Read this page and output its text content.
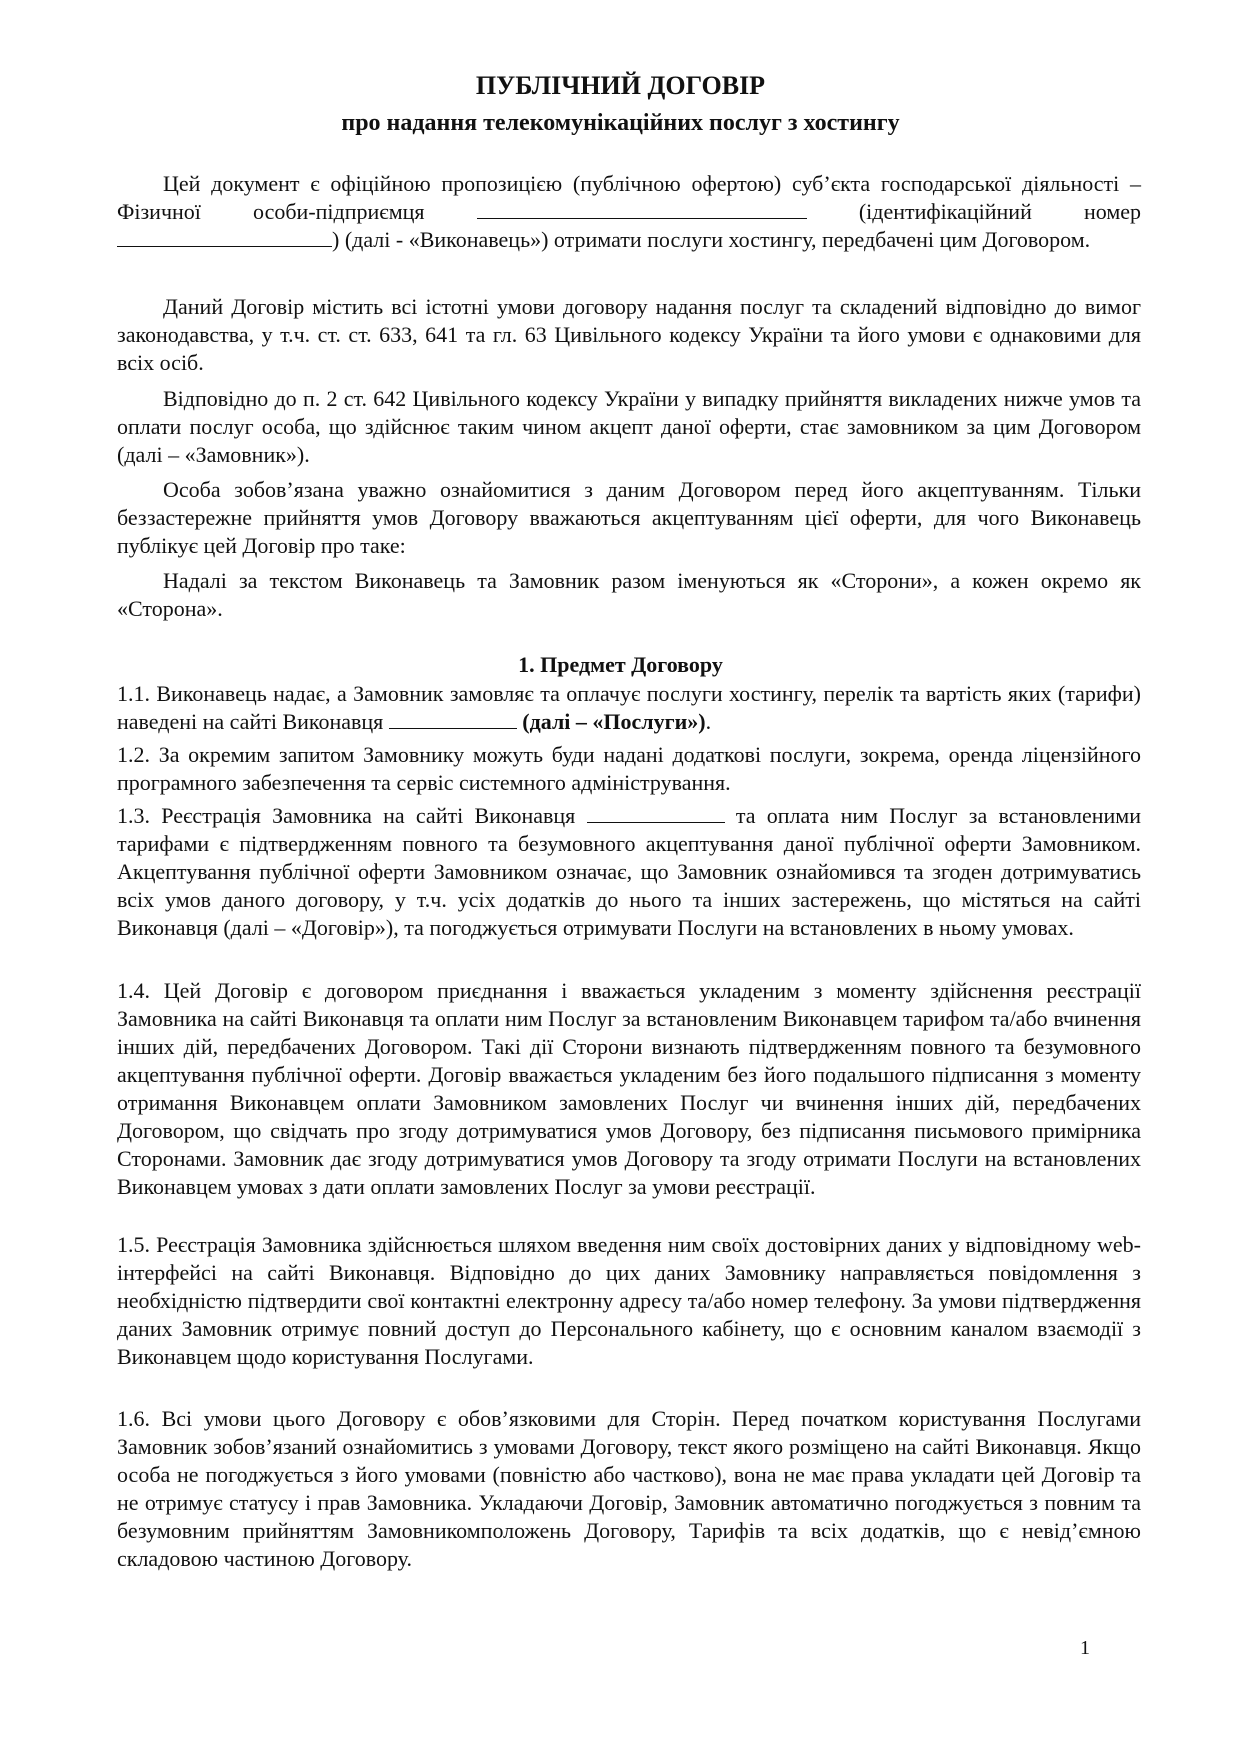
ПУБЛІЧНИЙ ДОГОВІР
про надання телекомунікаційних послуг з хостингу

Цей документ є офіційною пропозицією (публічною офертою) суб’єкта господарської діяльності – Фізичної особи-підприємця	(ідентифікаційний номер ) (далі - «Виконавець») отримати послуги хостингу, передбачені цим Договором.

Даний Договір містить всі істотні умови договору надання послуг та складений відповідно до вимог законодавства, у т.ч. ст. ст. 633, 641 та гл. 63 Цивільного кодексу України та його умови є однаковими для всіх осіб.

Відповідно до п. 2 ст. 642 Цивільного кодексу України у випадку прийняття викладених нижче умов та оплати послуг особа, що здійснює таким чином акцепт даної оферти, стає замовником за цим Договором (далі – «Замовник»).

Особа зобов’язана уважно ознайомитися з даним Договором перед його акцептуванням. Тільки беззастережне прийняття умов Договору вважаються акцептуванням цієї оферти, для чого Виконавець публікує цей Договір про таке:

Надалі за текстом Виконавець та Замовник разом іменуються як «Сторони», а кожен окремо як «Сторона».

1. Предмет Договору

1.1. Виконавець надає, а Замовник замовляє та оплачує послуги хостингу, перелік та вартість яких (тарифи) наведені на сайті Виконавця	(далі – «Послуги»).

1.2. За окремим запитом Замовнику можуть буди надані додаткові послуги, зокрема, оренда ліцензійного програмного забезпечення та сервіс системного адміністрування.

1.3. Реєстрація Замовника на сайті Виконавця	та оплата ним Послуг за встановленими тарифами є підтвердженням повного та безумовного акцептування даної публічної оферти Замовником. Акцептування публічної оферти Замовником означає, що Замовник ознайомився та згоден дотримуватись всіх умов даного договору, у т.ч. усіх додатків до нього та інших застережень, що містяться на сайті Виконавця (далі – «Договір»), та погоджується отримувати Послуги на встановлених в ньому умовах.

1.4. Цей Договір є договором приєднання і вважається укладеним з моменту здійснення реєстрації Замовника на сайті Виконавця та оплати ним Послуг за встановленим Виконавцем тарифом та/або вчинення інших дій, передбачених Договором. Такі дії Сторони визнають підтвердженням повного та безумовного акцептування публічної оферти. Договір вважається укладеним без його подальшого підписання з моменту отримання Виконавцем оплати Замовником замовлених Послуг чи вчинення інших дій, передбачених Договором, що свідчать про згоду дотримуватися умов Договору, без підписання письмового примірника Сторонами. Замовник дає згоду дотримуватися умов Договору та згоду отримати Послуги на встановлених Виконавцем умовах з дати оплати замовлених Послуг за умови реєстрації.

1.5. Реєстрація Замовника здійснюється шляхом введення ним своїх достовірних даних у відповідному web-інтерфейсі на сайті Виконавця. Відповідно до цих даних Замовнику направляється повідомлення з необхідністю підтвердити свої контактні електронну адресу та/або номер телефону. За умови підтвердження даних Замовник отримує повний доступ до Персонального кабінету, що є основним каналом взаємодії з Виконавцем щодо користування Послугами.

1.6. Всі умови цього Договору є обов’язковими для Сторін. Перед початком користування Послугами Замовник зобов’язаний ознайомитись з умовами Договору, текст якого розміщено на сайті Виконавця. Якщо особа не погоджується з його умовами (повністю або частково), вона не має права укладати цей Договір та не отримує статусу і прав Замовника. Укладаючи Договір, Замовник автоматично погоджується з повним та безумовним прийняттям Замовникомположень Договору, Тарифів та всіх додатків, що є невід’ємною складовою частиною Договору.

1
